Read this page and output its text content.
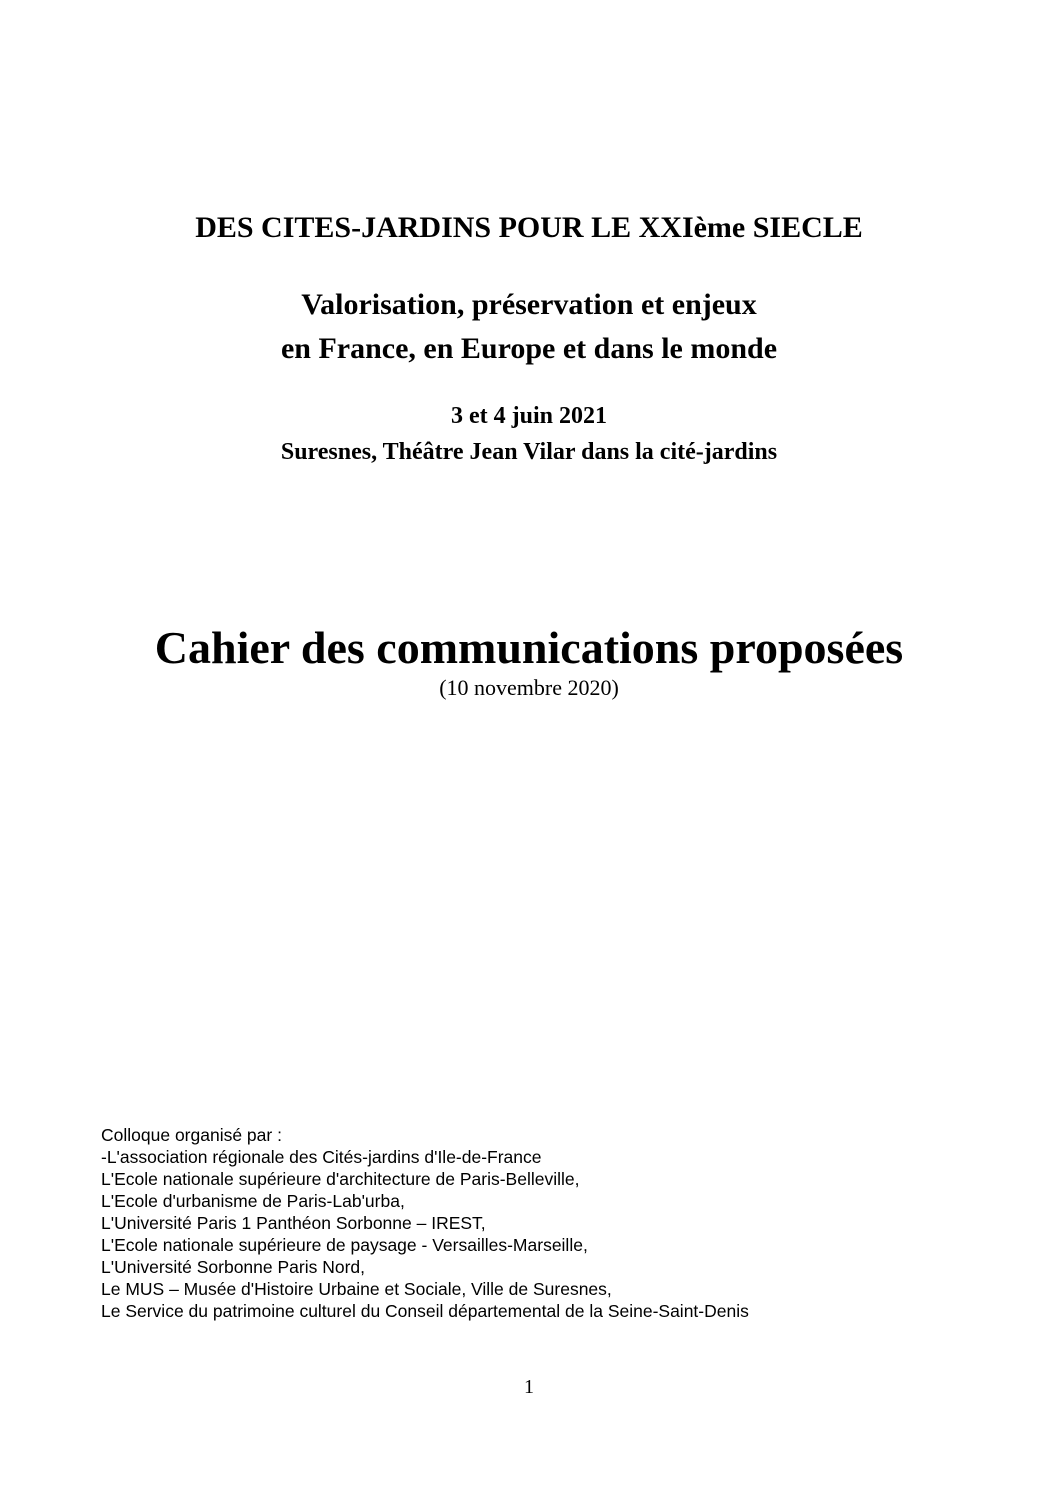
DES CITES-JARDINS POUR LE XXIème SIECLE
Valorisation, préservation et enjeux
en France, en Europe et dans le monde
3 et 4 juin 2021
Suresnes, Théâtre Jean Vilar dans la cité-jardins
Cahier des communications proposées
(10 novembre 2020)
Colloque organisé par :
-L'association régionale des Cités-jardins d'Ile-de-France
L'Ecole nationale supérieure d'architecture de Paris-Belleville,
L'Ecole d'urbanisme de Paris-Lab'urba,
L'Université Paris 1 Panthéon Sorbonne – IREST,
L'Ecole nationale supérieure de paysage - Versailles-Marseille,
L'Université Sorbonne Paris Nord,
Le MUS – Musée d'Histoire Urbaine et Sociale, Ville de Suresnes,
Le Service du patrimoine culturel du Conseil départemental de la Seine-Saint-Denis
1
